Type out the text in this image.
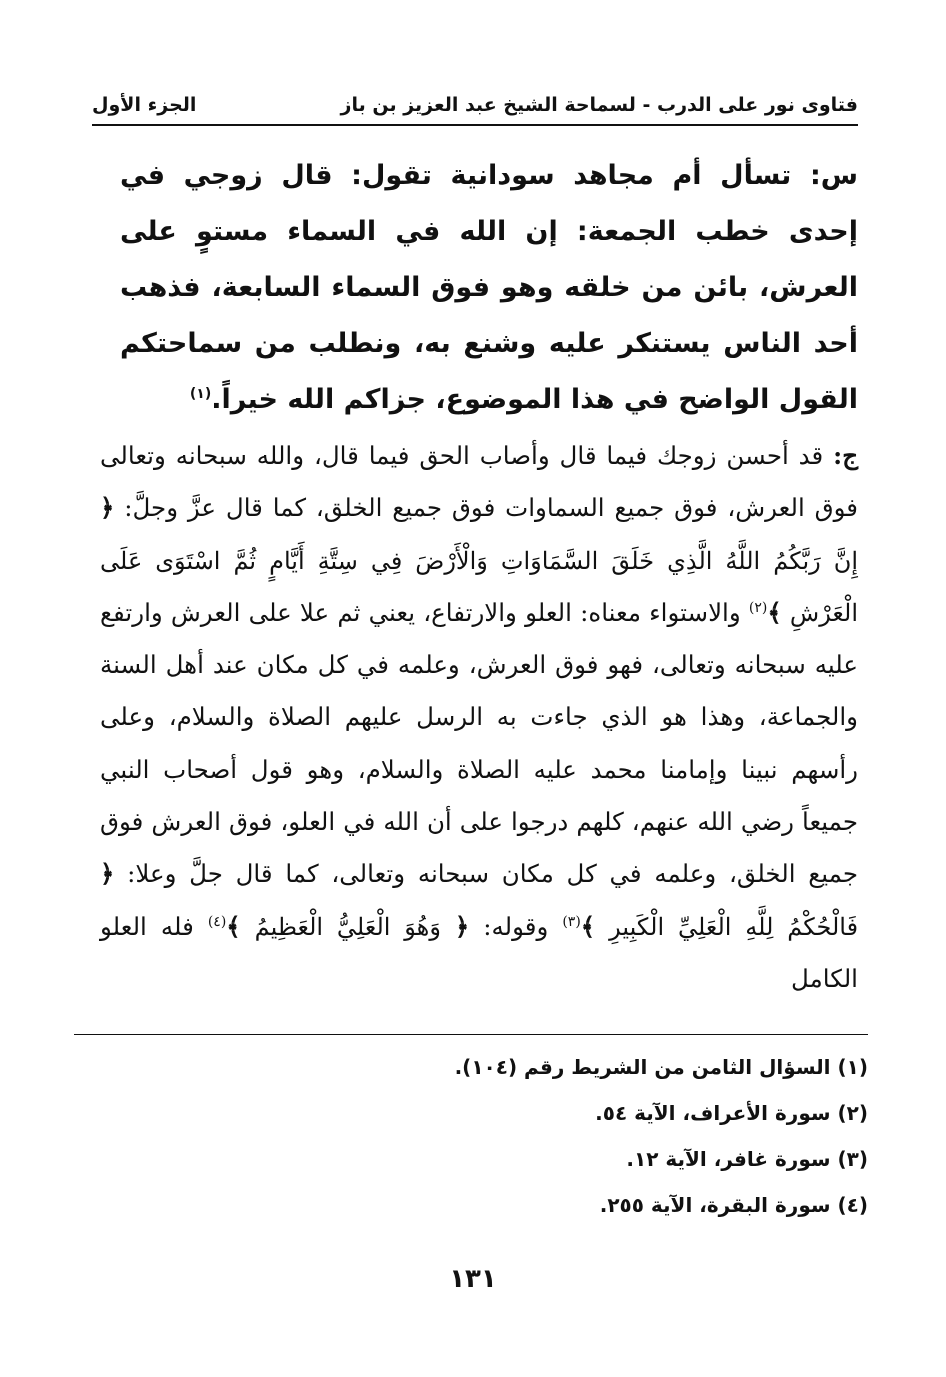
فتاوى نور على الدرب - لسماحة الشيخ عبد العزيز بن باز
الجزء الأول

س: تسأل أم مجاهد سودانية تقول: قال زوجي في إحدى خطب الجمعة: إن الله في السماء مستوٍ على العرش، بائن من خلقه وهو فوق السماء السابعة، فذهب أحد الناس يستنكر عليه وشنع به، ونطلب من سماحتكم القول الواضح في هذا الموضوع، جزاكم الله خيراً.$^{(١)}$

ج: قد أحسن زوجك فيما قال وأصاب الحق فيما قال، والله سبحانه وتعالى فوق العرش، فوق جميع السماوات فوق جميع الخلق، كما قال عزَّ وجلَّ: ﴿ إِنَّ رَبَّكُمُ اللَّهُ الَّذِي خَلَقَ السَّمَاوَاتِ وَالْأَرْضَ فِي سِتَّةِ أَيَّامٍ ثُمَّ اسْتَوَى عَلَى الْعَرْشِ ﴾$^{(٢)}$ والاستواء معناه: العلو والارتفاع، يعني ثم علا على العرش وارتفع عليه سبحانه وتعالى، فهو فوق العرش، وعلمه في كل مكان عند أهل السنة والجماعة، وهذا هو الذي جاءت به الرسل عليهم الصلاة والسلام، وعلى رأسهم نبينا وإمامنا محمد عليه الصلاة والسلام، وهو قول أصحاب النبي جميعاً رضي الله عنهم، كلهم درجوا على أن الله في العلو، فوق العرش فوق جميع الخلق، وعلمه في كل مكان سبحانه وتعالى، كما قال جلَّ وعلا: ﴿ فَالْحُكْمُ لِلَّهِ الْعَلِيِّ الْكَبِيرِ ﴾$^{(٣)}$ وقوله: ﴿ وَهُوَ الْعَلِيُّ الْعَظِيمُ ﴾$^{(٤)}$ فله العلو الكامل

(١) السؤال الثامن من الشريط رقم (١٠٤).
(٢) سورة الأعراف، الآية ٥٤.
(٣) سورة غافر، الآية ١٢.
(٤) سورة البقرة، الآية ٢٥٥.
١٣١
